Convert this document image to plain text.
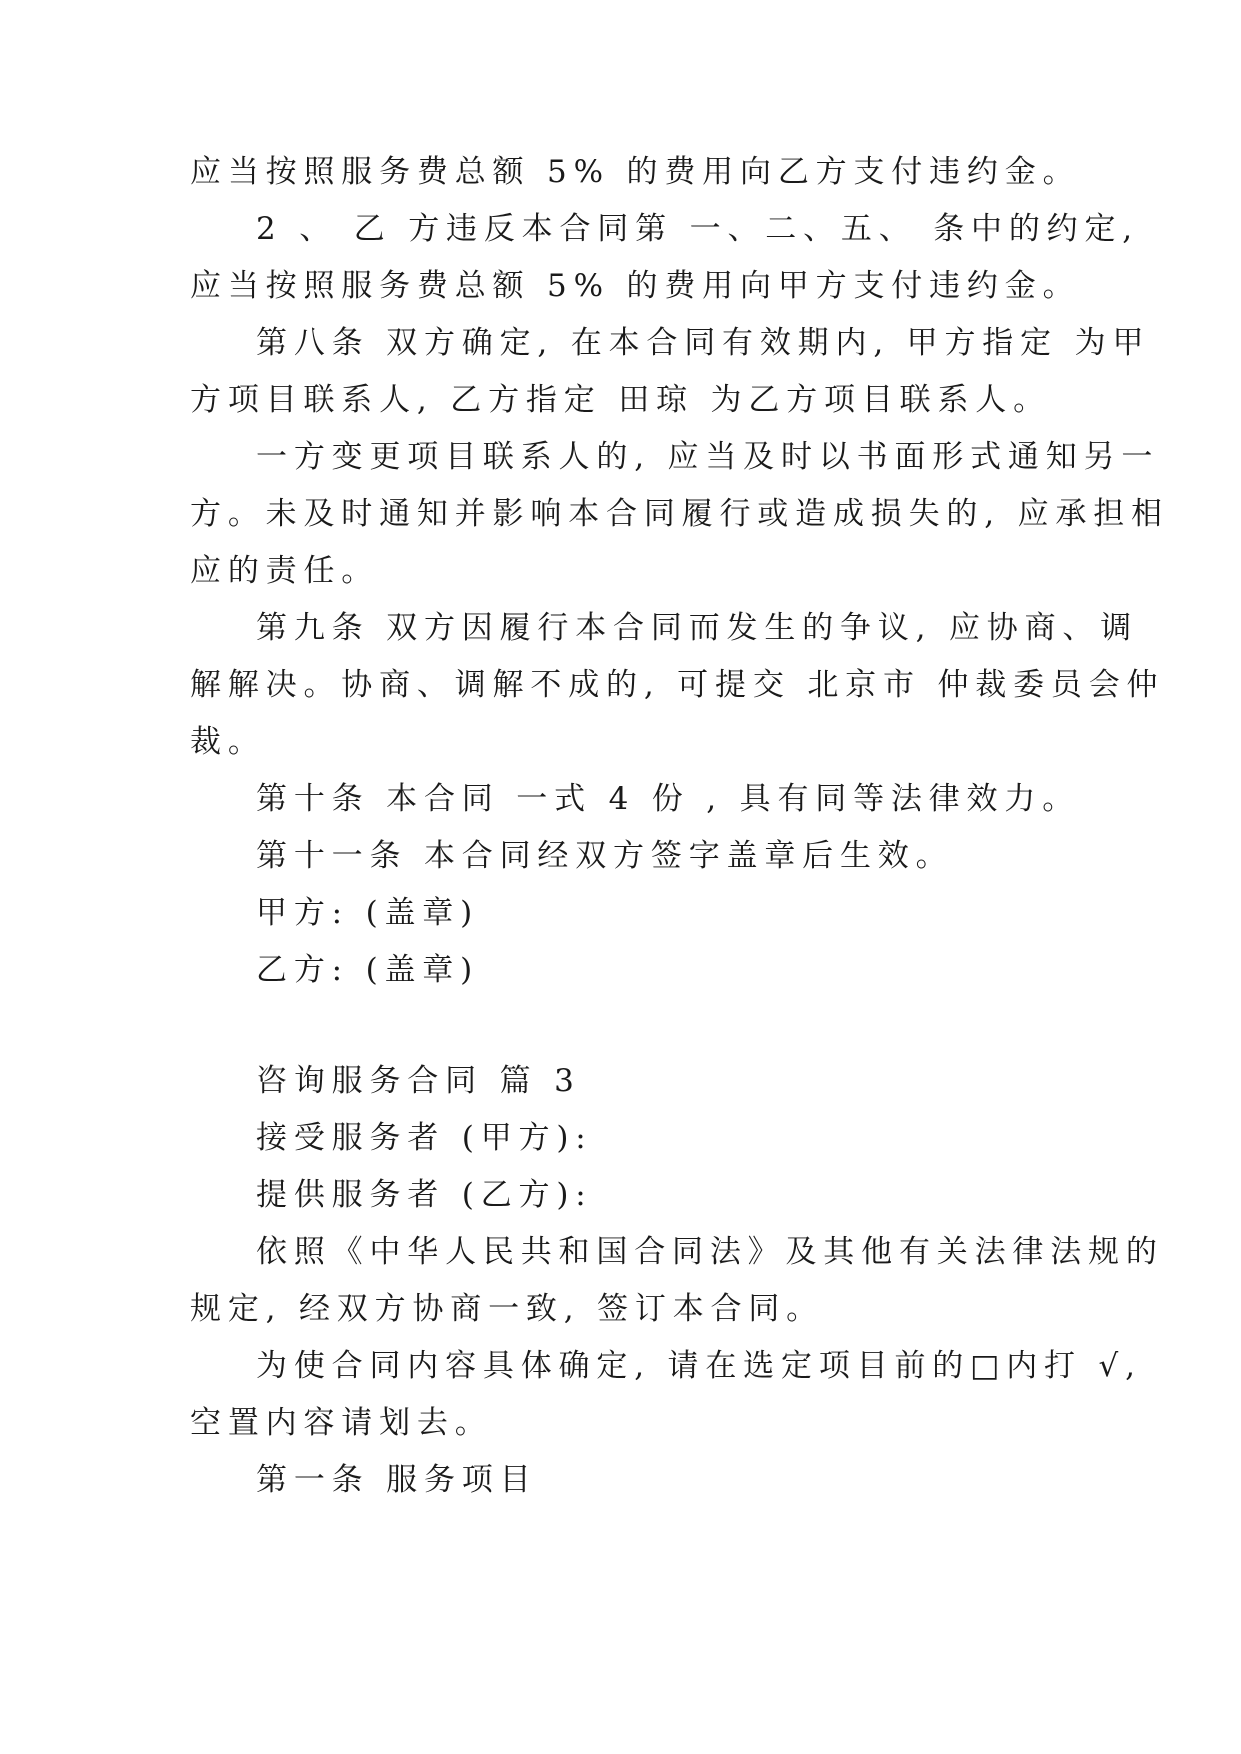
应当按照服务费总额 5% 的费用向乙方支付违约金。
2 、 乙 方违反本合同第 一、二、五、 条中的约定,
应当按照服务费总额 5% 的费用向甲方支付违约金。
第八条 双方确定, 在本合同有效期内, 甲方指定 为甲
方项目联系人, 乙方指定 田琼 为乙方项目联系人。
一方变更项目联系人的, 应当及时以书面形式通知另一
方。未及时通知并影响本合同履行或造成损失的, 应承担相
应的责任。
第九条 双方因履行本合同而发生的争议, 应协商、调
解解决。协商、调解不成的, 可提交 北京市 仲裁委员会仲
裁。
第十条 本合同 一式 4 份 , 具有同等法律效力。
第十一条 本合同经双方签字盖章后生效。
甲方: (盖章)
乙方: (盖章)
咨询服务合同 篇 3
接受服务者 (甲方):
提供服务者 (乙方):
依照《中华人民共和国合同法》及其他有关法律法规的
规定, 经双方协商一致, 签订本合同。
为使合同内容具体确定, 请在选定项目前的□内打 √,
空置内容请划去。
第一条 服务项目
